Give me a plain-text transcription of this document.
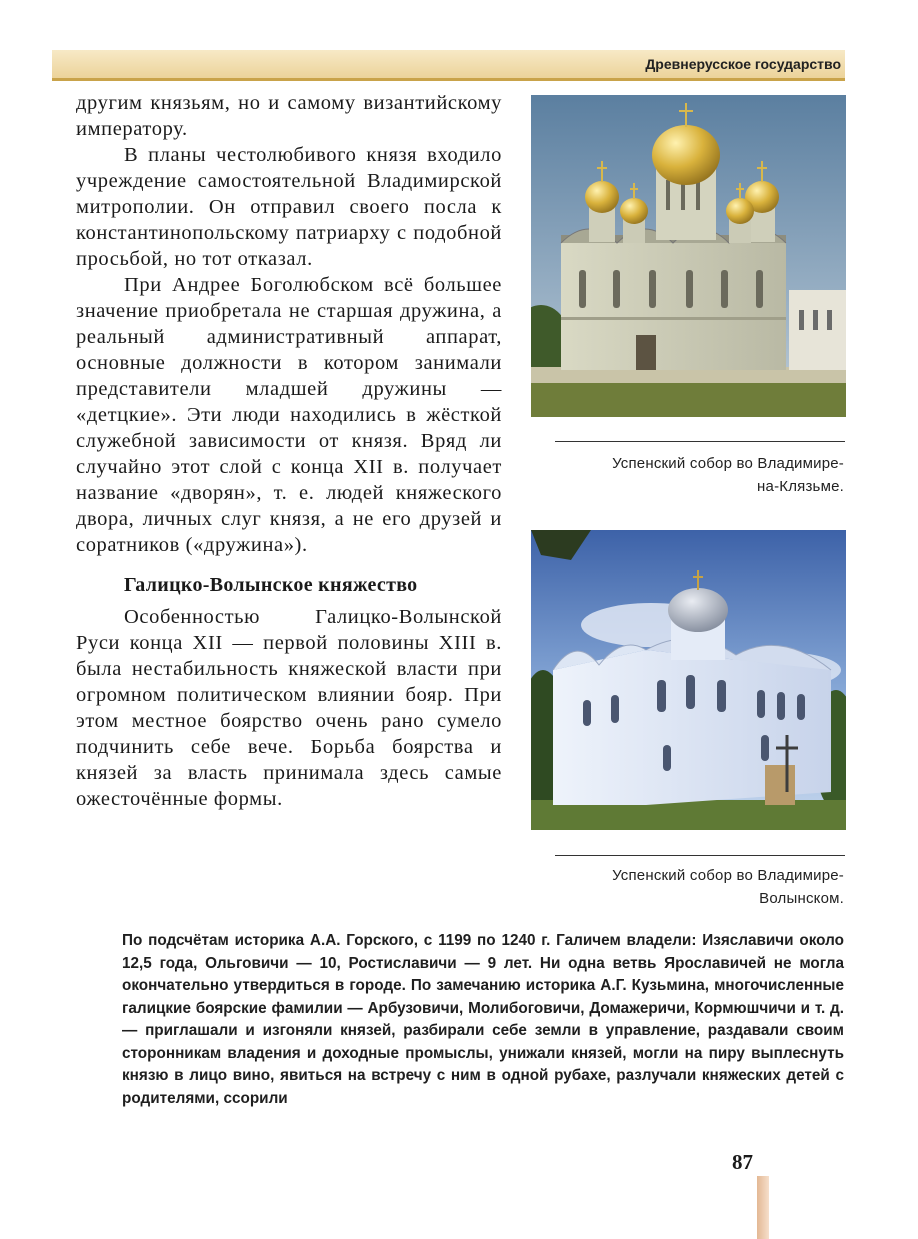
Древнерусское государство

другим князьям, но и самому византийскому императору.

В планы честолюбивого князя входило учреждение самостоятельной Владимирской митрополии. Он отправил своего посла к константинопольскому патриарху с подобной просьбой, но тот отказал.

При Андрее Боголюбском всё большее значение приобретала не старшая дружина, а реальный административный аппарат, основные должности в котором занимали представители младшей дружины — «детцкие». Эти люди находились в жёсткой служебной зависимости от князя. Вряд ли случайно этот слой с конца XII в. получает название «дворян», т. е. людей княжеского двора, личных слуг князя, а не его друзей и соратников («дружина»).

Галицко-Волынское княжество

Особенностью Галицко-Волынской Руси конца XII — первой половины XIII в. была нестабильность княжеской власти при огромном политическом влиянии бояр. При этом местное боярство очень рано сумело подчинить себе вече. Борьба боярства и князей за власть принимала здесь самые ожесточённые формы.

Успенский собор во Владимире-
на-Клязьме.
Успенский собор во Владимире-
Волынском.
По подсчётам историка А.А. Горского, с 1199 по 1240 г. Галичем владели: Изяславичи около 12,5 года, Ольговичи — 10, Ростиславичи — 9 лет. Ни одна ветвь Ярославичей не могла окончательно утвердиться в городе. По замечанию историка А.Г. Кузьмина, многочисленные галицкие боярские фамилии — Арбузовичи, Молибоговичи, Домажеричи, Кормюшчичи и т. д. — приглашали и изгоняли князей, разбирали себе земли в управление, раздавали своим сторонникам владения и доходные промыслы, унижали князей, могли на пиру выплеснуть князю в лицо вино, явиться на встречу с ним в одной рубахе, разлучали княжеских детей с родителями, ссорили
87
